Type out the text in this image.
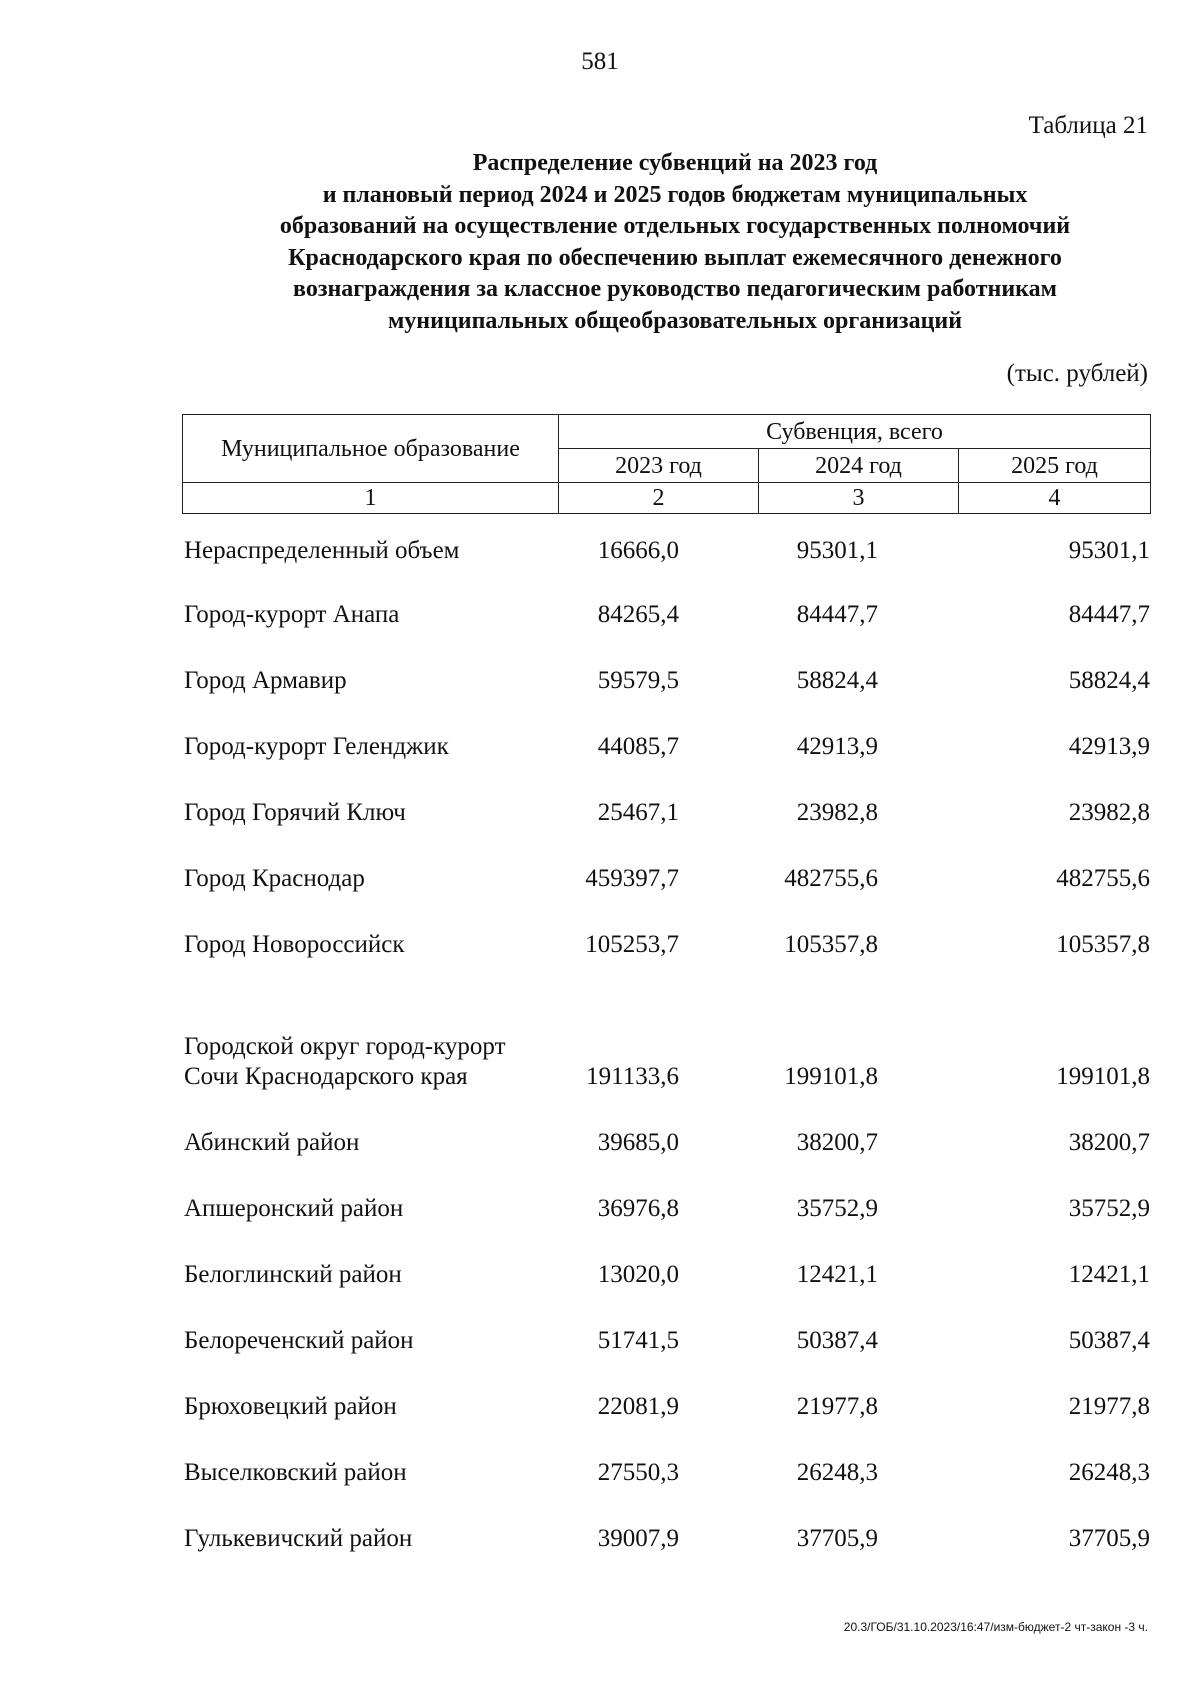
581
Таблица 21
Распределение субвенций на 2023 год
и плановый период 2024 и 2025 годов бюджетам муниципальных
образований на осуществление отдельных государственных полномочий
Краснодарского края по обеспечению выплат ежемесячного денежного
вознаграждения за классное руководство педагогическим работникам
муниципальных общеобразовательных организаций
(тыс. рублей)
Муниципальное образование	Субвенция, всего		
	2023 год	2024 год	2025 год
1	2	3	4
Нераспределенный объем	16666,0	95301,1	95301,1
Город-курорт Анапа	84265,4	84447,7	84447,7
Город Армавир	59579,5	58824,4	58824,4
Город-курорт Геленджик	44085,7	42913,9	42913,9
Город Горячий Ключ	25467,1	23982,8	23982,8
Город Краснодар	459397,7	482755,6	482755,6
Город Новороссийск	105253,7	105357,8	105357,8
Городской округ город-курорт
Сочи Краснодарского края	191133,6	199101,8	199101,8
Абинский район	39685,0	38200,7	38200,7
Апшеронский район	36976,8	35752,9	35752,9
Белоглинский район	13020,0	12421,1	12421,1
Белореченский район	51741,5	50387,4	50387,4
Брюховецкий район	22081,9	21977,8	21977,8
Выселковский район	27550,3	26248,3	26248,3
Гулькевичский район	39007,9	37705,9	37705,9
20.3/ГОБ/31.10.2023/16:47/изм-бюджет-2 чт-закон -3 ч.
